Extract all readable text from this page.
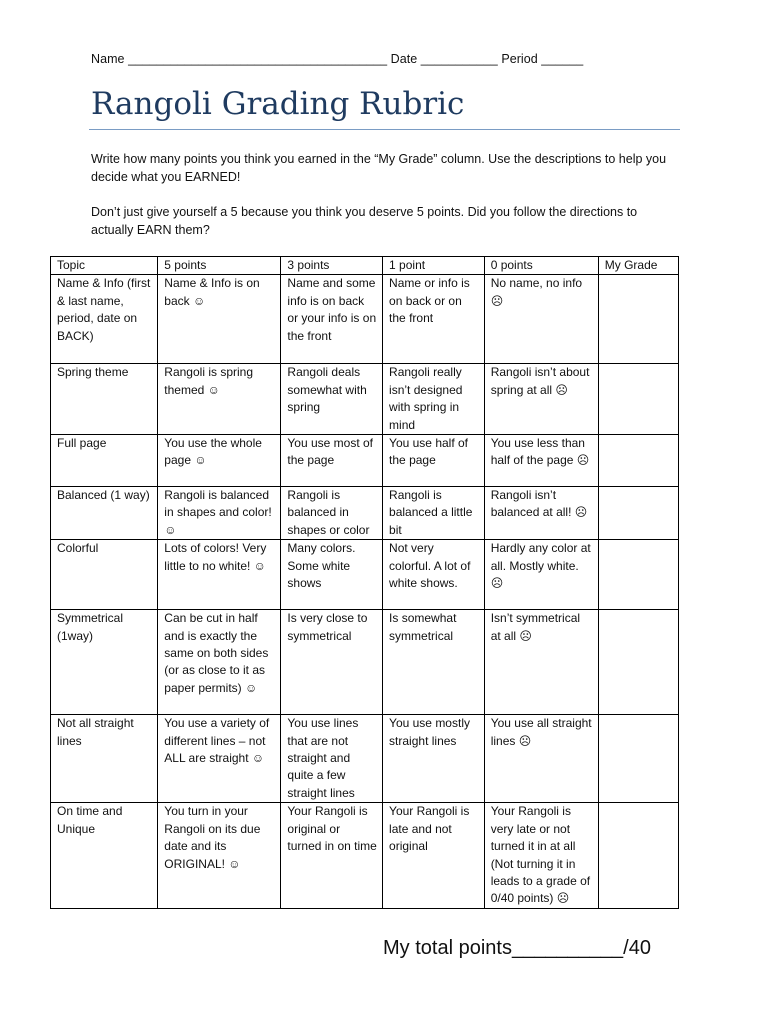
Name _____________________________________ Date ___________ Period ______
Rangoli Grading Rubric
Write how many points you think you earned in the “My Grade” column. Use the descriptions to help you decide what you EARNED!
Don’t just give yourself a 5 because you think you deserve 5 points. Did you follow the directions to actually EARN them?
Topic	5 points	3 points	1 point	0 points	My Grade
Name & Info (first & last name, period, date on BACK)	Name & Info is on back ☺	Name and some info is on back or your info is on the front	Name or info is on back or on the front	No name, no info ☹	
Spring theme	Rangoli is spring themed ☺	Rangoli deals somewhat with spring	Rangoli really isn’t designed with spring in mind	Rangoli isn’t about spring at all ☹	
Full page	You use the whole page ☺	You use most of the page	You use half of the page	You use less than half of the page ☹	
Balanced (1 way)	Rangoli is balanced in shapes and color! ☺	Rangoli is balanced in shapes or color	Rangoli is balanced a little bit	Rangoli isn’t balanced at all! ☹	
Colorful	Lots of colors! Very little to no white! ☺	Many colors. Some white shows	Not very colorful. A lot of white shows.	Hardly any color at all. Mostly white. ☹	
Symmetrical (1way)	Can be cut in half and is exactly the same on both sides (or as close to it as paper permits) ☺	Is very close to symmetrical	Is somewhat symmetrical	Isn’t symmetrical at all ☹	
Not all straight lines	You use a variety of different lines – not ALL are straight ☺	You use lines that are not straight and quite a few straight lines	You use mostly straight lines	You use all straight lines ☹	
On time and Unique	You turn in your Rangoli on its due date and its ORIGINAL! ☺	Your Rangoli is original or turned in on time	Your Rangoli is late and not original	Your Rangoli is very late or not turned it in at all (Not turning it in leads to a grade of 0/40 points) ☹	
My total points__________/40
